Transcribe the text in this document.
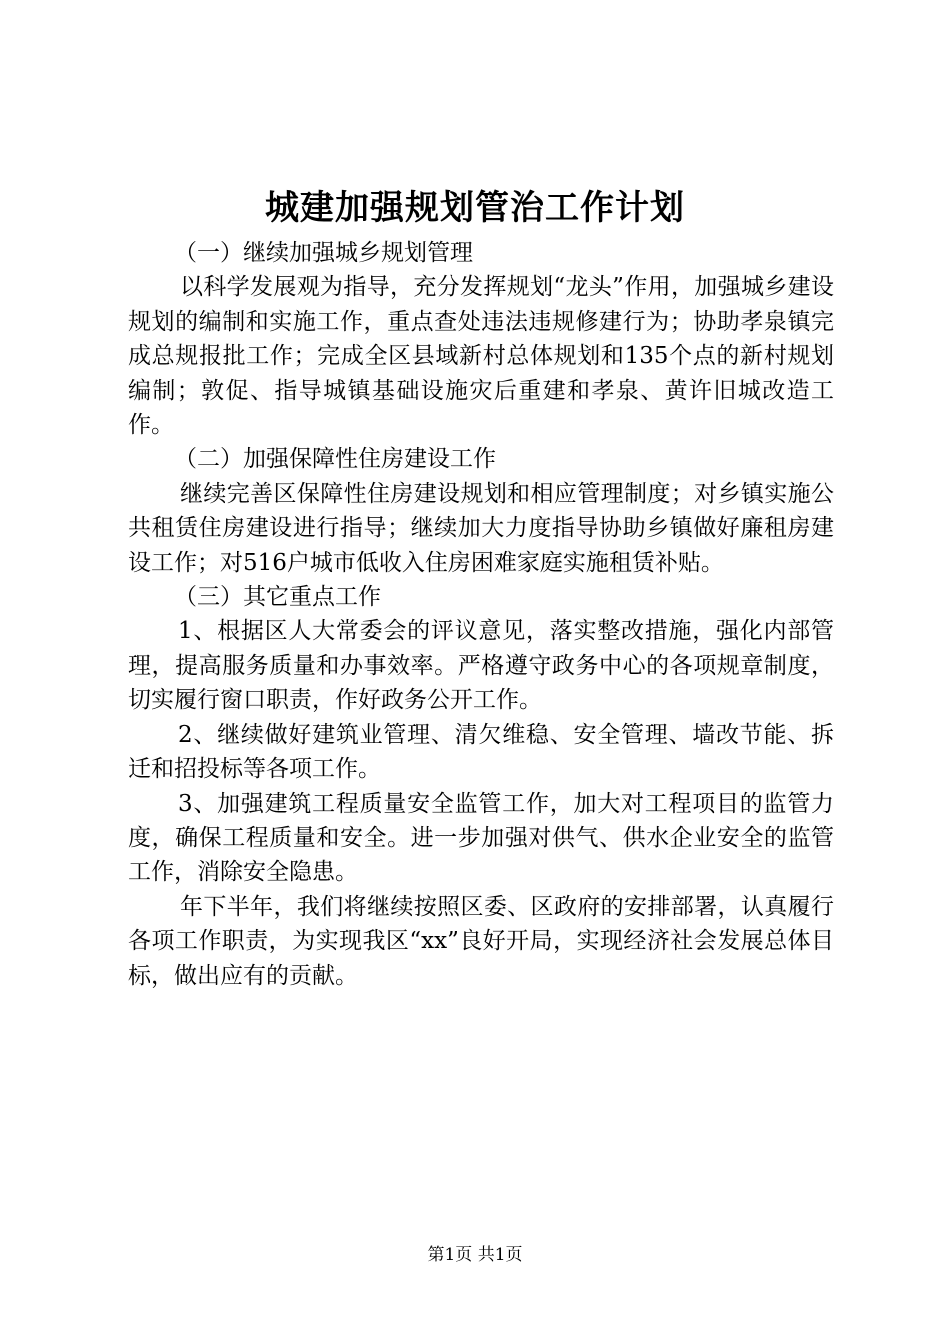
城建加强规划管治工作计划

（一）继续加强城乡规划管理

以科学发展观为指导，充分发挥规划“龙头”作用，加强城乡建设规划的编制和实施工作，重点查处违法违规修建行为；协助孝泉镇完成总规报批工作；完成全区县域新村总体规划和135个点的新村规划编制；敦促、指导城镇基础设施灾后重建和孝泉、黄许旧城改造工作。

（二）加强保障性住房建设工作

继续完善区保障性住房建设规划和相应管理制度；对乡镇实施公共租赁住房建设进行指导；继续加大力度指导协助乡镇做好廉租房建设工作；对516户城市低收入住房困难家庭实施租赁补贴。

（三）其它重点工作

1、根据区人大常委会的评议意见，落实整改措施，强化内部管理，提高服务质量和办事效率。严格遵守政务中心的各项规章制度，切实履行窗口职责，作好政务公开工作。

2、继续做好建筑业管理、清欠维稳、安全管理、墙改节能、拆迁和招投标等各项工作。

3、加强建筑工程质量安全监管工作，加大对工程项目的监管力度，确保工程质量和安全。进一步加强对供气、供水企业安全的监管工作，消除安全隐患。

年下半年，我们将继续按照区委、区政府的安排部署，认真履行各项工作职责，为实现我区“xx”良好开局，实现经济社会发展总体目标，做出应有的贡献。

第1页 共1页
